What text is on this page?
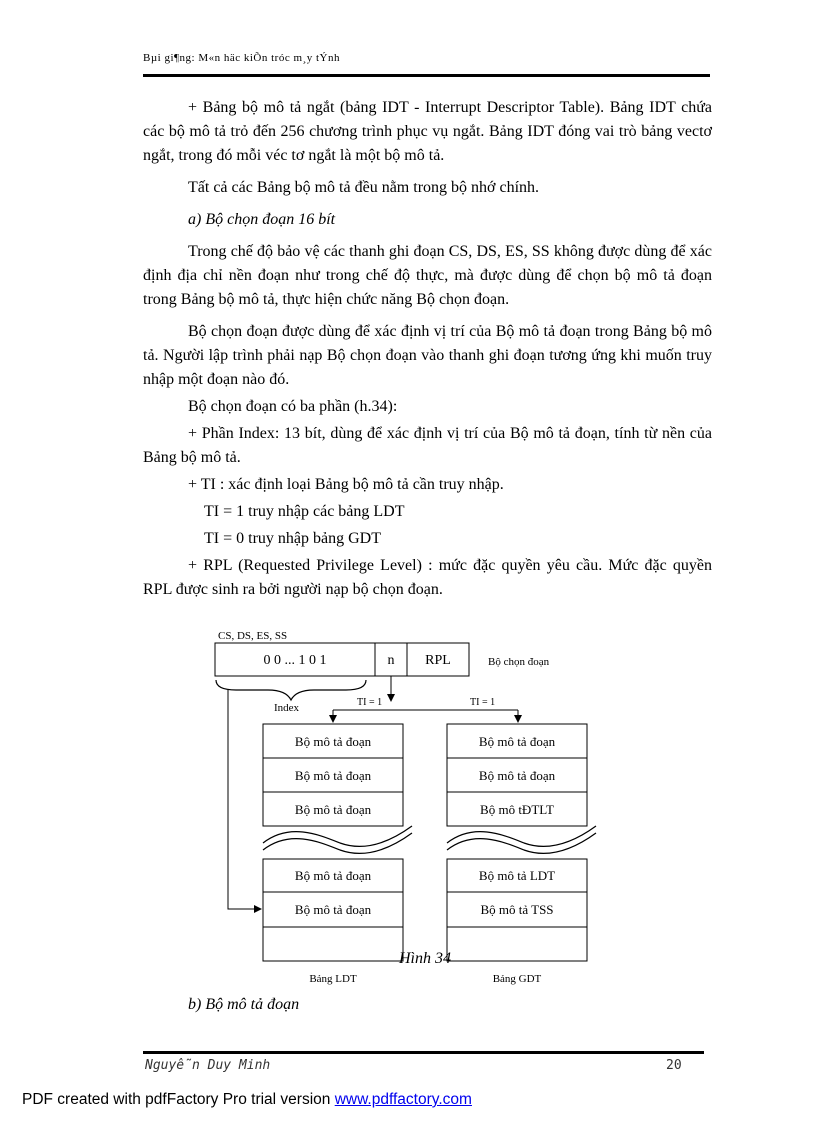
Bµi gi¶ng: M«n häc kiÕn tróc m¸y tÝnh

+ Bảng bộ mô tả ngắt (bảng IDT - Interrupt Descriptor Table). Bảng IDT chứa các bộ mô tả trỏ đến 256 chương trình phục vụ ngắt. Bảng IDT đóng vai trò bảng vectơ ngắt, trong đó mỗi véc tơ ngắt là một bộ mô tả.

Tất cả các Bảng bộ mô tả đều nằm trong bộ nhớ chính.

a) Bộ chọn đoạn 16 bít

Trong chế độ bảo vệ các thanh ghi đoạn CS, DS, ES, SS không được dùng để xác định địa chỉ nền đoạn như trong chế độ thực, mà được dùng để chọn bộ mô tả đoạn trong Bảng bộ mô tả, thực hiện chức năng Bộ chọn đoạn.

Bộ chọn đoạn được dùng để xác định vị trí của Bộ mô tả đoạn trong Bảng bộ mô tả. Người lập trình phải nạp Bộ chọn đoạn vào thanh ghi đoạn tương ứng khi muốn truy nhập một đoạn nào đó.

Bộ chọn đoạn có ba phần (h.34):

+ Phần Index: 13 bít, dùng để xác định vị trí của Bộ mô tả đoạn, tính từ nền của Bảng bộ mô tả.

+ TI : xác định loại Bảng bộ mô tả cần truy nhập.

TI = 1 truy nhập các bảng LDT

TI = 0 truy nhập bảng GDT

+ RPL (Requested Privilege Level) : mức đặc quyền yêu cầu. Mức đặc quyền RPL được sinh ra bởi người nạp bộ chọn đoạn.

CS, DS, ES, SS
0 0 ... 1 0 1	n RPL	Bộ chọn đoạn
Index	TI = 1	TI = 1
Bộ mô tả đoạn
Bộ mô tả đoạn
Bộ mô tả đoạn
Bộ mô tả đoạn
Bộ mô tả đoạn
Bộ mô tả đoạn
Bộ mô tả đoạn
Bộ mô tĐTLT
Bộ mô tả LDT
Bộ mô tả TSS
Hình 34
Bảng LDT	Bảng GDT
b) Bộ mô tả đoạn
Nguyễn Duy Minh	20
PDF created with pdfFactory Pro trial version www.pdffactory.com
